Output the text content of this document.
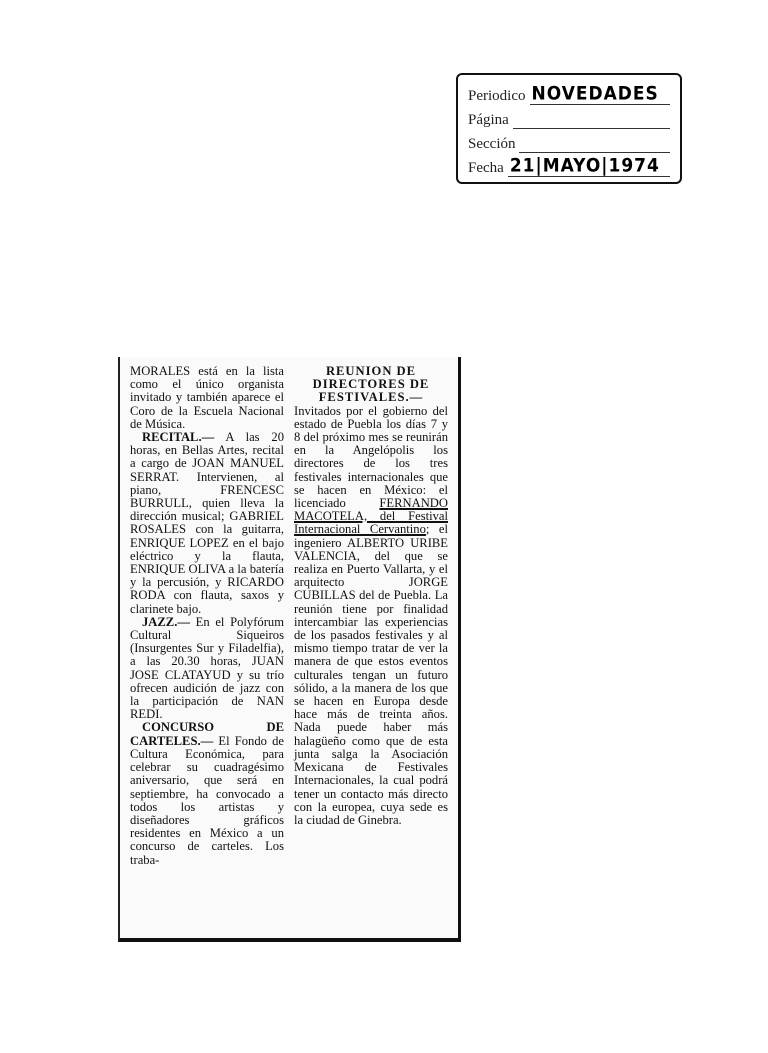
Periodico NOVEDADES
Página
Sección
Fecha 21|MAYO|1974

MORALES está en la lista como el único organista invitado y también aparece el Coro de la Escuela Nacional de Música.

RECITAL.— A las 20 horas, en Bellas Artes, recital a cargo de JOAN MANUEL SERRAT. Intervienen, al piano, FRENCESC BURRULL, quien lleva la dirección musical; GABRIEL ROSALES con la guitarra, ENRIQUE LOPEZ en el bajo eléctrico y la flauta, ENRIQUE OLIVA a la batería y la percusión, y RICARDO RODA con flauta, saxos y clarinete bajo.

JAZZ.— En el Polyfórum Cultural Siqueiros (Insurgentes Sur y Filadelfia), a las 20.30 horas, JUAN JOSE CLATAYUD y su trío ofrecen audición de jazz con la participación de NAN REDI.

CONCURSO DE CARTELES.— El Fondo de Cultura Económica, para celebrar su cuadragésimo aniversario, que será en septiembre, ha convocado a todos los artistas y diseñadores gráficos residentes en México a un concurso de carteles. Los traba-

REUNION DE DIRECTORES DE FESTIVALES.—

Invitados por el gobierno del estado de Puebla los días 7 y 8 del próximo mes se reunirán en la Angelópolis los directores de los tres festivales internacionales que se hacen en México: el licenciado	FERNANDO MACOTELA, del Festival Internacional Cervantino; el ingeniero ALBERTO URIBE VALENCIA, del que se realiza en Puerto Vallarta, y el arquitecto JORGE CUBILLAS del de Puebla. La reunión tiene por finalidad intercambiar las experiencias de los pasados festivales y al mismo tiempo tratar de ver la manera de que estos eventos culturales tengan un futuro sólido, a la manera de los que se hacen en Europa desde hace más de treinta años. Nada puede haber más halagüeño como que de esta junta salga la Asociación Mexicana de Festivales Internacionales, la cual podrá tener un contacto más directo con la europea, cuya sede es la ciudad de Ginebra.
